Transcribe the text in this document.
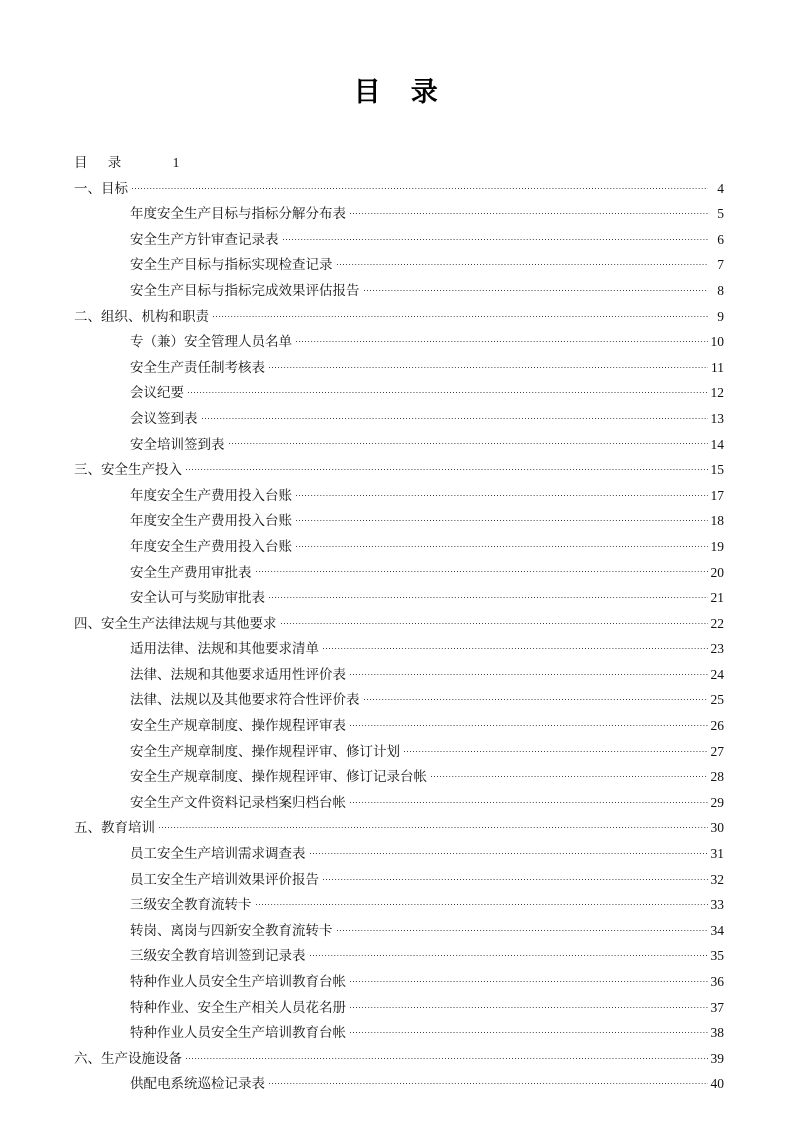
目　录
目　录	1
一、目标	4
年度安全生产目标与指标分解分布表	5
安全生产方针审查记录表	6
安全生产目标与指标实现检查记录	7
安全生产目标与指标完成效果评估报告	8
二、组织、机构和职责	9
专（兼）安全管理人员名单	10
安全生产责任制考核表	11
会议纪要	12
会议签到表	13
安全培训签到表	14
三、安全生产投入	15
年度安全生产费用投入台账	17
年度安全生产费用投入台账	18
年度安全生产费用投入台账	19
安全生产费用审批表	20
安全认可与奖励审批表	21
四、安全生产法律法规与其他要求	22
适用法律、法规和其他要求清单	23
法律、法规和其他要求适用性评价表	24
法律、法规以及其他要求符合性评价表	25
安全生产规章制度、操作规程评审表	26
安全生产规章制度、操作规程评审、修订计划	27
安全生产规章制度、操作规程评审、修订记录台帐	28
安全生产文件资料记录档案归档台帐	29
五、教育培训	30
员工安全生产培训需求调查表	31
员工安全生产培训效果评价报告	32
三级安全教育流转卡	33
转岗、离岗与四新安全教育流转卡	34
三级安全教育培训签到记录表	35
特种作业人员安全生产培训教育台帐	36
特种作业、安全生产相关人员花名册	37
特种作业人员安全生产培训教育台帐	38
六、生产设施设备	39
供配电系统巡检记录表	40
